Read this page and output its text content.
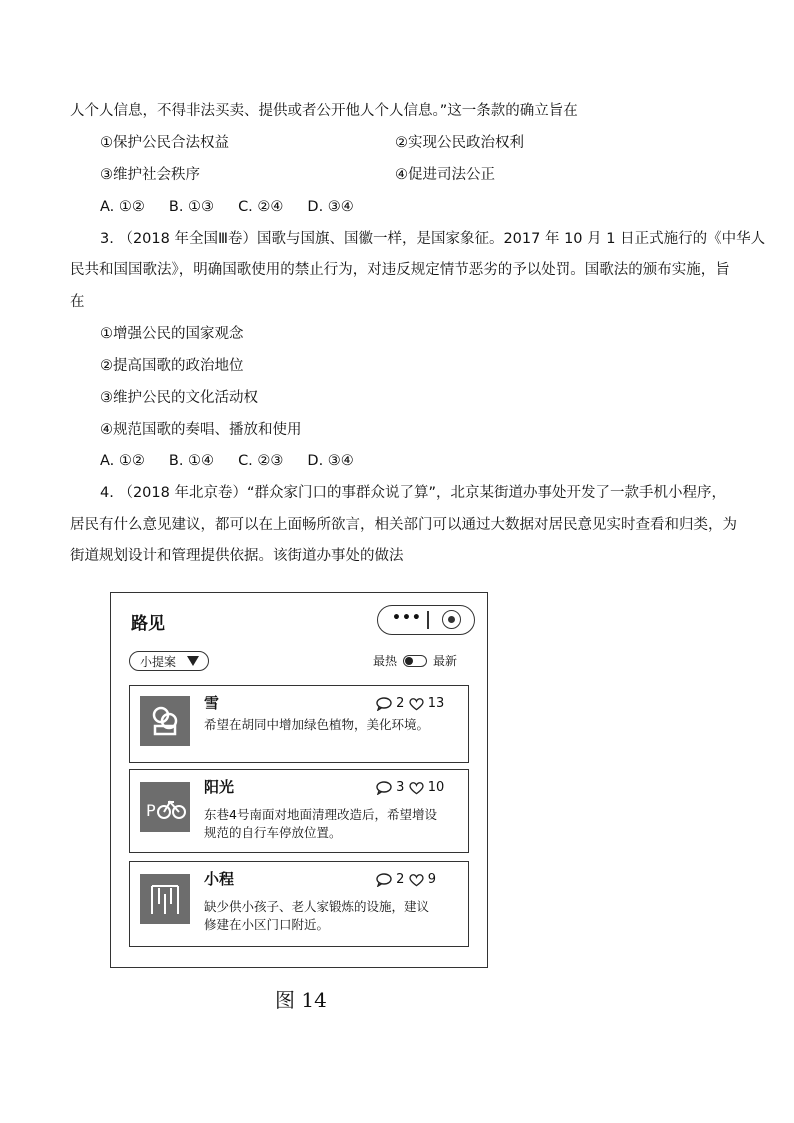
人个人信息，不得非法买卖、提供或者公开他人个人信息。”这一条款的确立旨在
①保护公民合法权益	②实现公民政治权利
③维护社会秩序	④促进司法公正
A. ①② B. ①③ C. ②④ D. ③④
3. （2018 年全国Ⅲ卷）国歌与国旗、国徽一样，是国家象征。2017 年 10 月 1 日正式施行的《中华人
民共和国国歌法》，明确国歌使用的禁止行为，对违反规定情节恶劣的予以处罚。国歌法的颁布实施，旨
在
①增强公民的国家观念
②提高国歌的政治地位
③维护公民的文化活动权
④规范国歌的奏唱、播放和使用
A. ①② B. ①④ C. ②③ D. ③④
4. （2018 年北京卷）“群众家门口的事群众说了算”，北京某街道办事处开发了一款手机小程序，
居民有什么意见建议，都可以在上面畅所欲言，相关部门可以通过大数据对居民意见实时查看和归类，为
街道规划设计和管理提供依据。该街道办事处的做法
路见	•••
小提案	最热	最新
雪	2 13
希望在胡同中增加绿色植物，美化环境。
P
阳光	3 10
东巷4号南面对地面清理改造后，希望增设
规范的自行车停放位置。
小程	2 9
缺少供小孩子、老人家锻炼的设施，建议
修建在小区门口附近。
图 14
